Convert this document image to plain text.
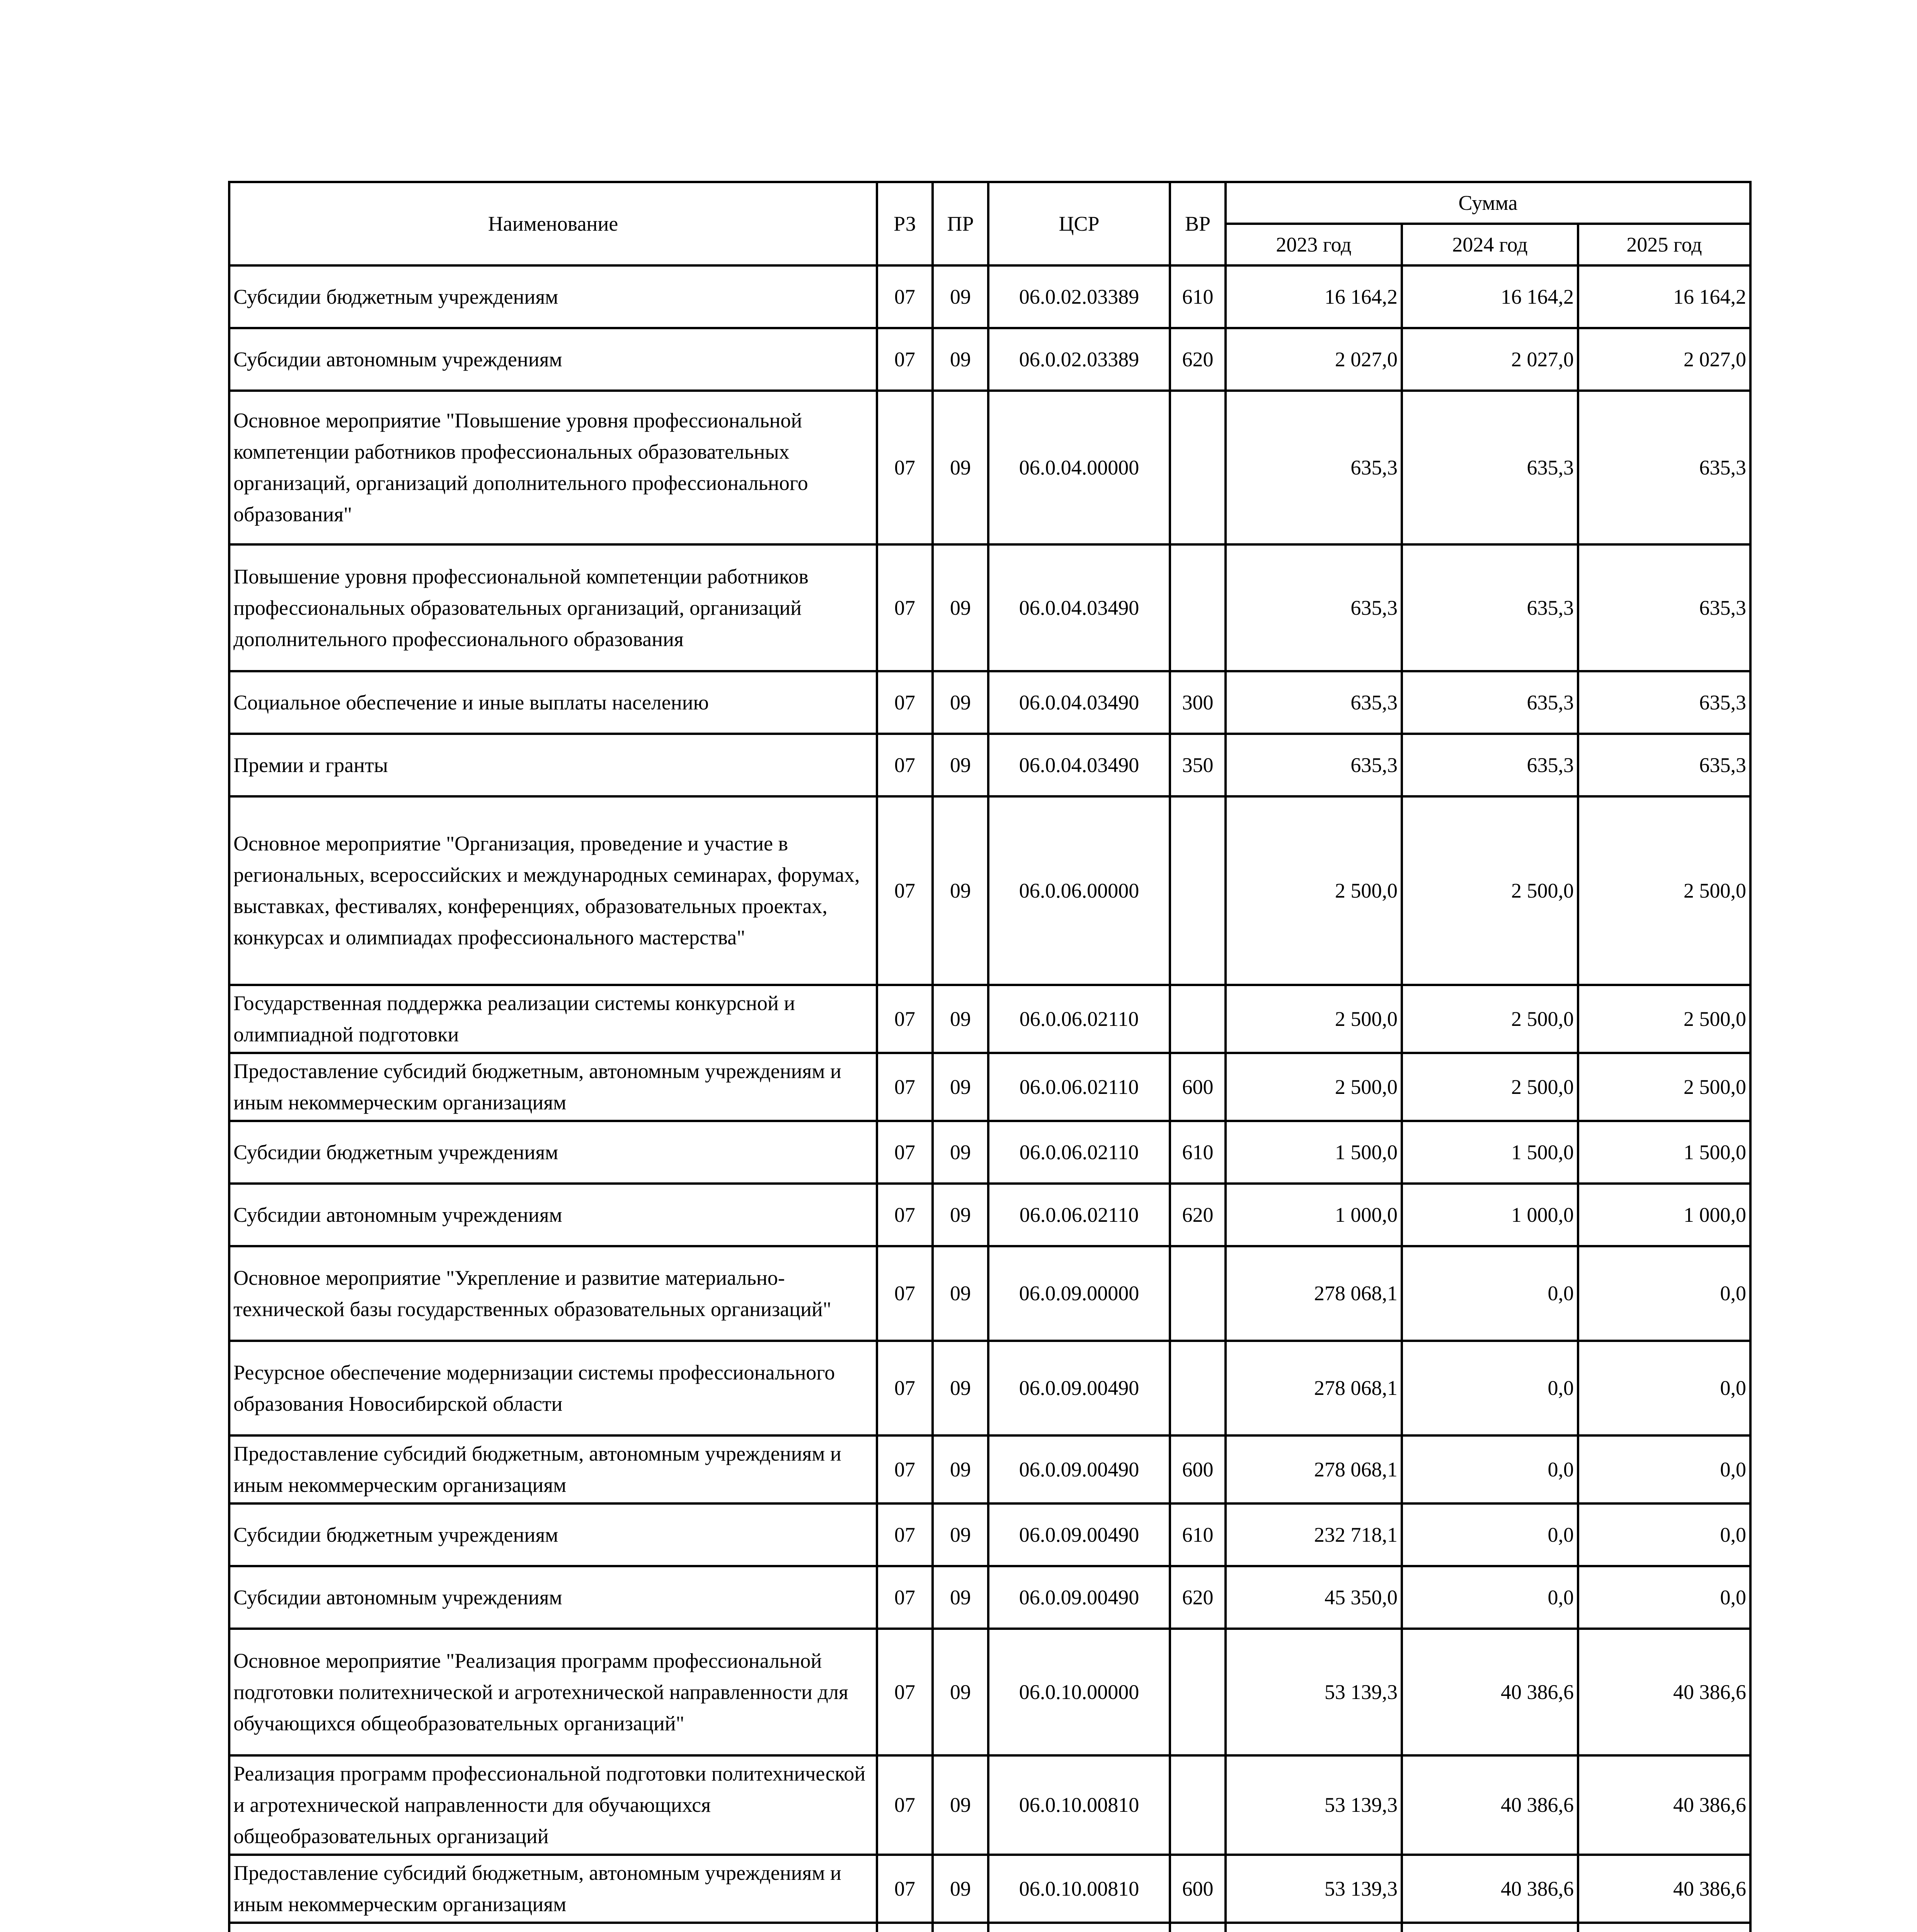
Наименование	РЗ	ПР	ЦСР	ВР	Сумма		
					2023 год	2024 год	2025 год
Субсидии бюджетным учреждениям	07	09	06.0.02.03389	610	16 164,2	16 164,2	16 164,2
Субсидии автономным учреждениям	07	09	06.0.02.03389	620	2 027,0	2 027,0	2 027,0
Основное мероприятие "Повышение уровня профессиональной компетенции работников профессиональных образовательных организаций, организаций дополнительного профессионального образования"	07	09	06.0.04.00000		635,3	635,3	635,3
Повышение уровня профессиональной компетенции работников профессиональных образовательных организаций, организаций дополнительного профессионального образования	07	09	06.0.04.03490		635,3	635,3	635,3
Социальное обеспечение и иные выплаты населению	07	09	06.0.04.03490	300	635,3	635,3	635,3
Премии и гранты	07	09	06.0.04.03490	350	635,3	635,3	635,3
Основное мероприятие "Организация, проведение и участие в региональных, всероссийских и международных семинарах, форумах, выставках, фестивалях, конференциях, образовательных проектах, конкурсах и олимпиадах профессионального мастерства"	07	09	06.0.06.00000		2 500,0	2 500,0	2 500,0
Государственная поддержка реализации системы конкурсной и олимпиадной подготовки	07	09	06.0.06.02110		2 500,0	2 500,0	2 500,0
Предоставление субсидий бюджетным, автономным учреждениям и иным некоммерческим организациям	07	09	06.0.06.02110	600	2 500,0	2 500,0	2 500,0
Субсидии бюджетным учреждениям	07	09	06.0.06.02110	610	1 500,0	1 500,0	1 500,0
Субсидии автономным учреждениям	07	09	06.0.06.02110	620	1 000,0	1 000,0	1 000,0
Основное мероприятие "Укрепление и развитие материально-технической базы государственных образовательных организаций"	07	09	06.0.09.00000		278 068,1	0,0	0,0
Ресурсное обеспечение модернизации системы профессионального образования Новосибирской области	07	09	06.0.09.00490		278 068,1	0,0	0,0
Предоставление субсидий бюджетным, автономным учреждениям и иным некоммерческим организациям	07	09	06.0.09.00490	600	278 068,1	0,0	0,0
Субсидии бюджетным учреждениям	07	09	06.0.09.00490	610	232 718,1	0,0	0,0
Субсидии автономным учреждениям	07	09	06.0.09.00490	620	45 350,0	0,0	0,0
Основное мероприятие "Реализация программ профессиональной подготовки политехнической и агротехнической направленности для обучающихся общеобразовательных организаций"	07	09	06.0.10.00000		53 139,3	40 386,6	40 386,6
Реализация программ профессиональной подготовки политехнической и агротехнической направленности для обучающихся общеобразовательных организаций	07	09	06.0.10.00810		53 139,3	40 386,6	40 386,6
Предоставление субсидий бюджетным, автономным учреждениям и иным некоммерческим организациям	07	09	06.0.10.00810	600	53 139,3	40 386,6	40 386,6
